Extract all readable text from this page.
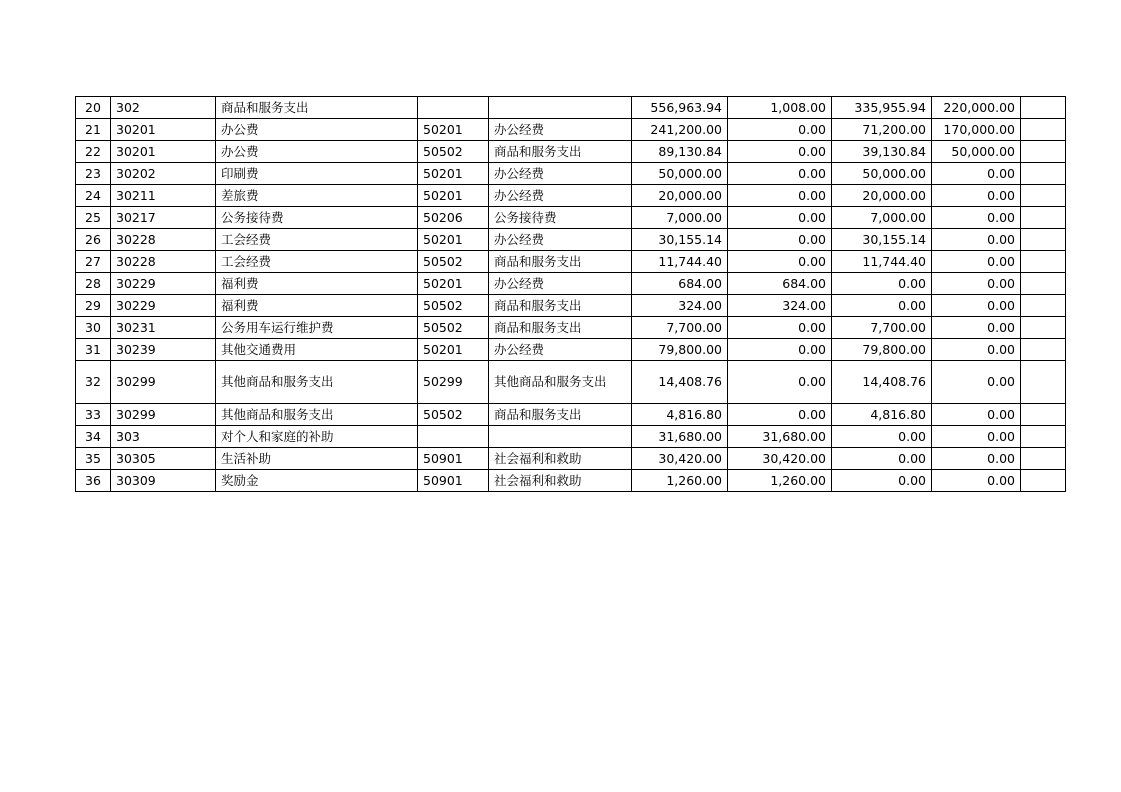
20	302	商品和服务支出			556,963.94	1,008.00	335,955.94	220,000.00	
21	30201	办公费	50201	办公经费	241,200.00	0.00	71,200.00	170,000.00	
22	30201	办公费	50502	商品和服务支出	89,130.84	0.00	39,130.84	50,000.00	
23	30202	印刷费	50201	办公经费	50,000.00	0.00	50,000.00	0.00	
24	30211	差旅费	50201	办公经费	20,000.00	0.00	20,000.00	0.00	
25	30217	公务接待费	50206	公务接待费	7,000.00	0.00	7,000.00	0.00	
26	30228	工会经费	50201	办公经费	30,155.14	0.00	30,155.14	0.00	
27	30228	工会经费	50502	商品和服务支出	11,744.40	0.00	11,744.40	0.00	
28	30229	福利费	50201	办公经费	684.00	684.00	0.00	0.00	
29	30229	福利费	50502	商品和服务支出	324.00	324.00	0.00	0.00	
30	30231	公务用车运行维护费	50502	商品和服务支出	7,700.00	0.00	7,700.00	0.00	
31	30239	其他交通费用	50201	办公经费	79,800.00	0.00	79,800.00	0.00	
32	30299	其他商品和服务支出	50299	其他商品和服务支出	14,408.76	0.00	14,408.76	0.00	
33	30299	其他商品和服务支出	50502	商品和服务支出	4,816.80	0.00	4,816.80	0.00	
34	303	对个人和家庭的补助			31,680.00	31,680.00	0.00	0.00	
35	30305	生活补助	50901	社会福利和救助	30,420.00	30,420.00	0.00	0.00	
36	30309	奖励金	50901	社会福利和救助	1,260.00	1,260.00	0.00	0.00	
